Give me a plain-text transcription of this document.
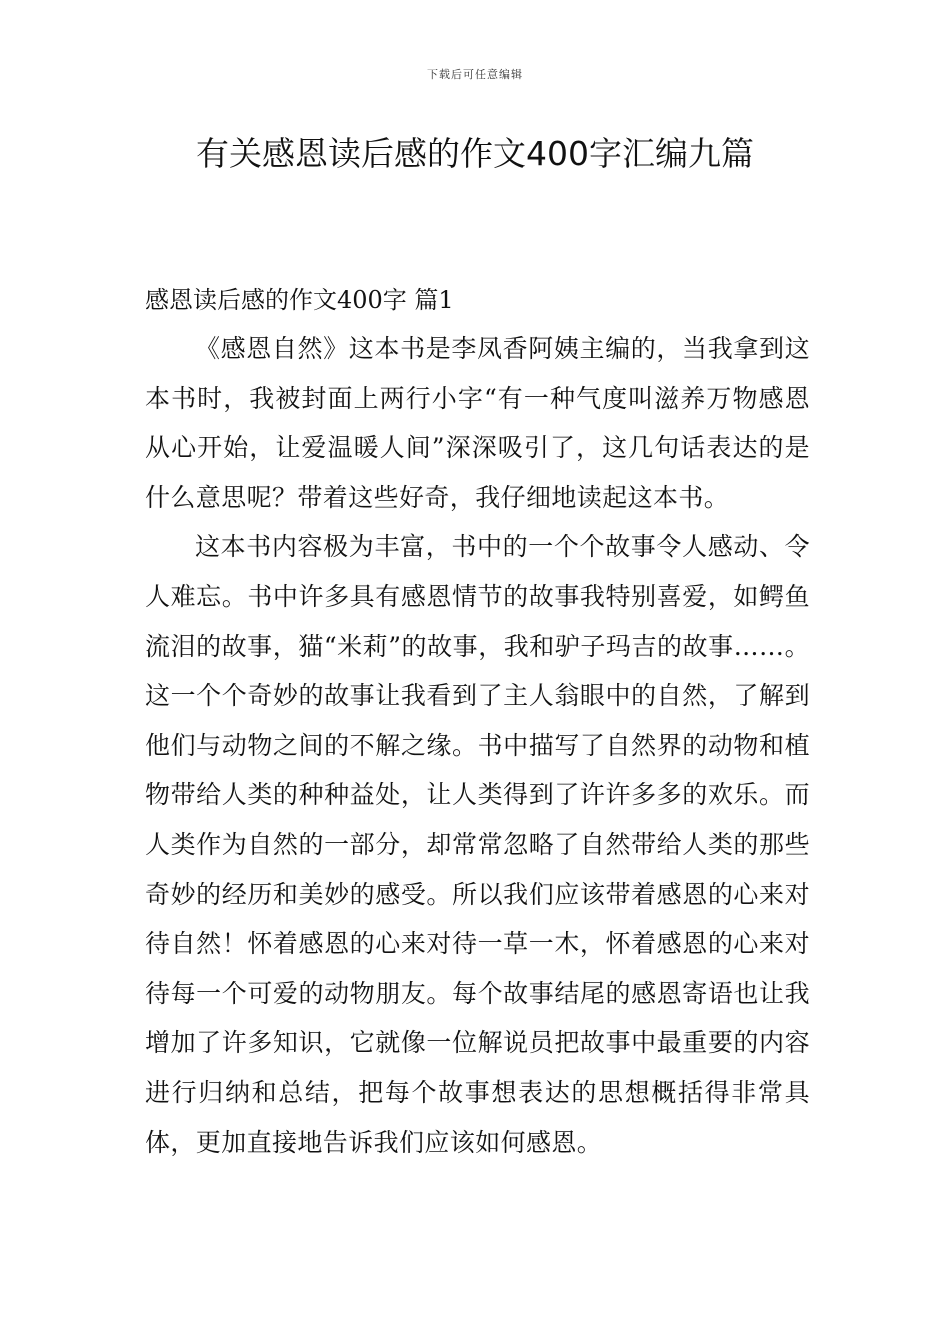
下载后可任意编辑
有关感恩读后感的作文400字汇编九篇

感恩读后感的作文400字 篇1

《感恩自然》这本书是李凤香阿姨主编的，当我拿到这本书时，我被封面上两行小字“有一种气度叫滋养万物感恩从心开始，让爱温暖人间”深深吸引了，这几句话表达的是什么意思呢？带着这些好奇，我仔细地读起这本书。

这本书内容极为丰富，书中的一个个故事令人感动、令人难忘。书中许多具有感恩情节的故事我特别喜爱，如鳄鱼流泪的故事，猫“米莉”的故事，我和驴子玛吉的故事……。这一个个奇妙的故事让我看到了主人翁眼中的自然，了解到他们与动物之间的不解之缘。书中描写了自然界的动物和植物带给人类的种种益处，让人类得到了许许多多的欢乐。而人类作为自然的一部分，却常常忽略了自然带给人类的那些奇妙的经历和美妙的感受。所以我们应该带着感恩的心来对待自然！怀着感恩的心来对待一草一木，怀着感恩的心来对待每一个可爱的动物朋友。每个故事结尾的感恩寄语也让我增加了许多知识，它就像一位解说员把故事中最重要的内容进行归纳和总结，把每个故事想表达的思想概括得非常具体，更加直接地告诉我们应该如何感恩。
